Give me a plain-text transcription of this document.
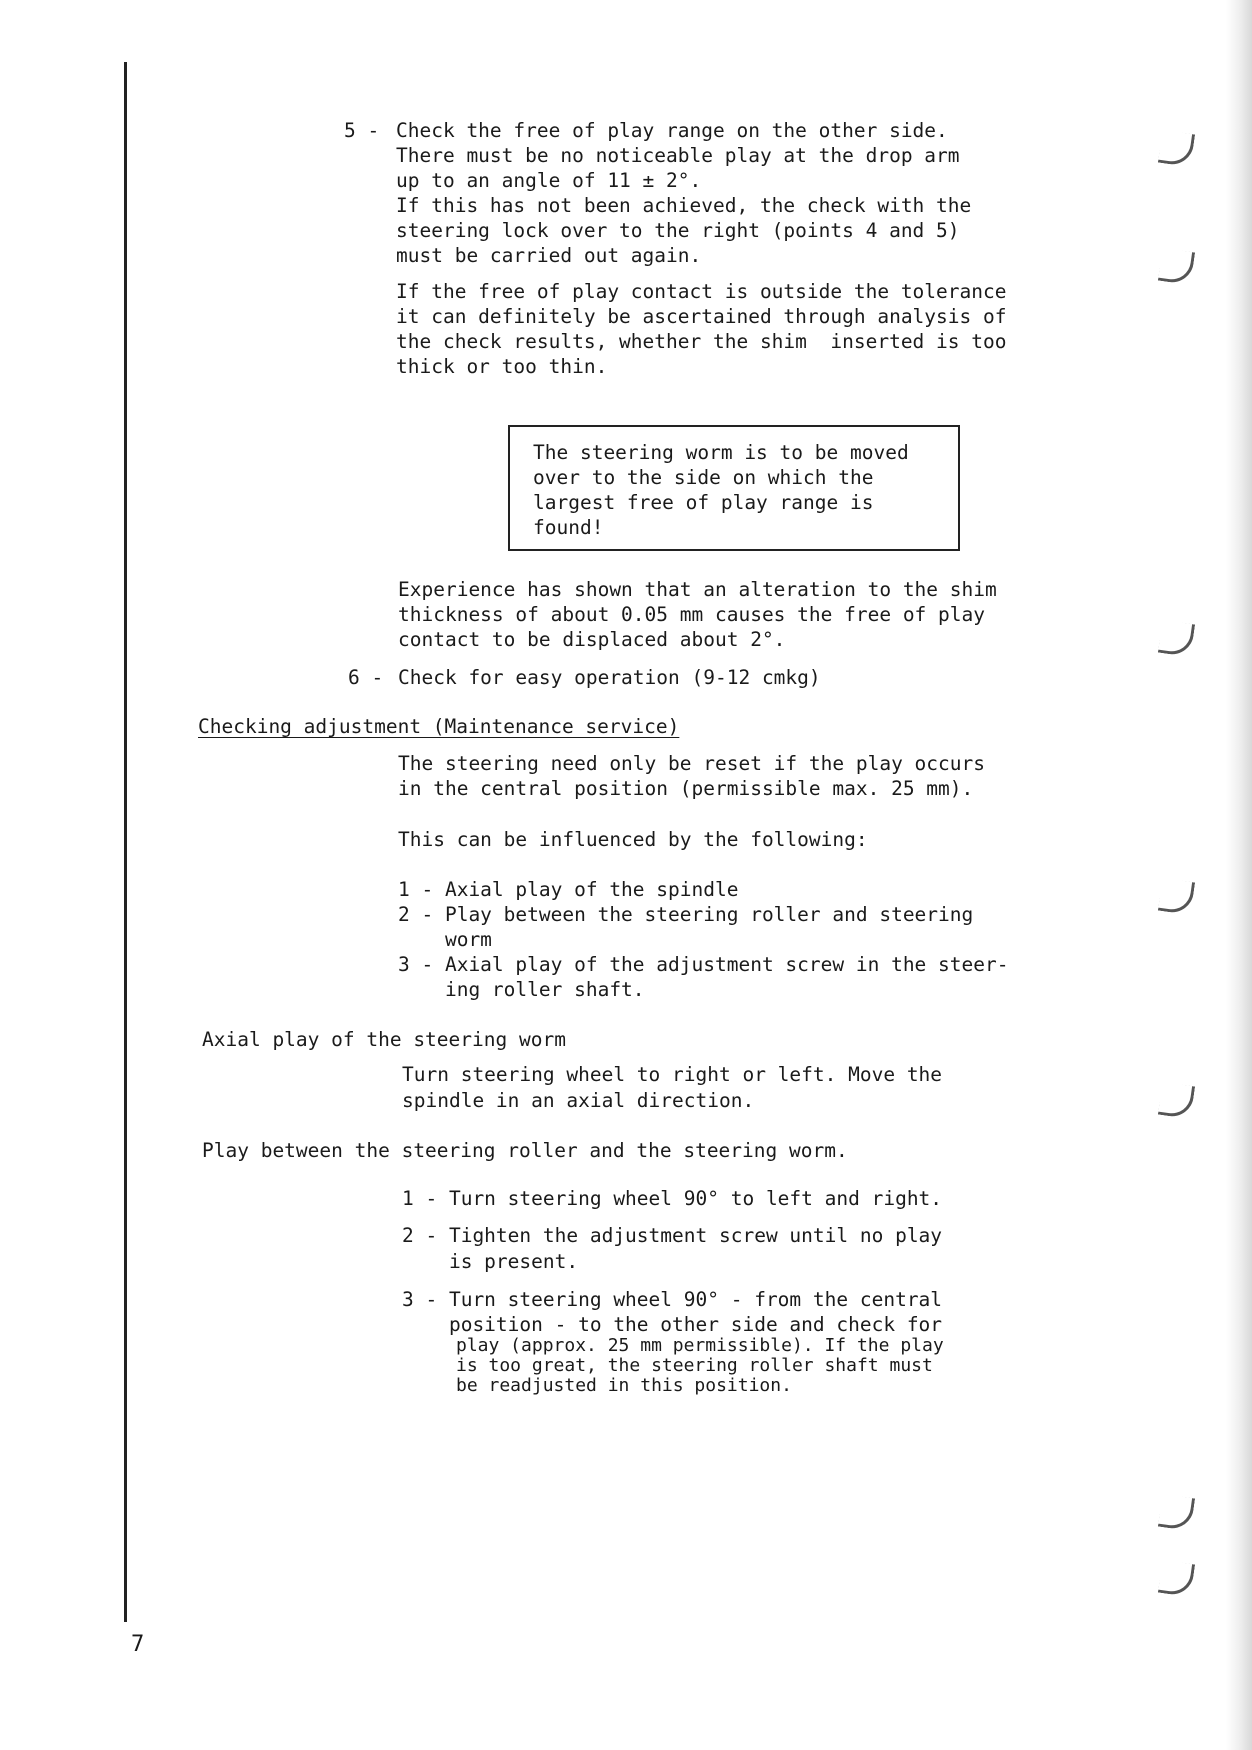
5 - Check the free of play range on the other side.
There must be no noticeable play at the drop arm
up to an angle of 11 ± 2°.
If this has not been achieved, the check with the
steering lock over to the right (points 4 and 5)
must be carried out again.
If the free of play contact is outside the tolerance
it can definitely be ascertained through analysis of
the check results, whether the shim  inserted is too
thick or too thin.
The steering worm is to be moved
over to the side on which the
largest free of play range is
found!
Experience has shown that an alteration to the shim
thickness of about 0.05 mm causes the free of play
contact to be displaced about 2°.
6 - Check for easy operation (9-12 cmkg)
Checking adjustment (Maintenance service)
The steering need only be reset if the play occurs
in the central position (permissible max. 25 mm).
This can be influenced by the following:
1 - Axial play of the spindle
2 - Play between the steering roller and steering
worm
3 - Axial play of the adjustment screw in the steer-
ing roller shaft.
Axial play of the steering worm
Turn steering wheel to right or left. Move the
spindle in an axial direction.
Play between the steering roller and the steering worm.
1 - Turn steering wheel 90° to left and right.
2 - Tighten the adjustment screw until no play
is present.
3 - Turn steering wheel 90° - from the central
position - to the other side and check for
play (approx. 25 mm permissible). If the play
is too great, the steering roller shaft must
be readjusted in this position.
7
